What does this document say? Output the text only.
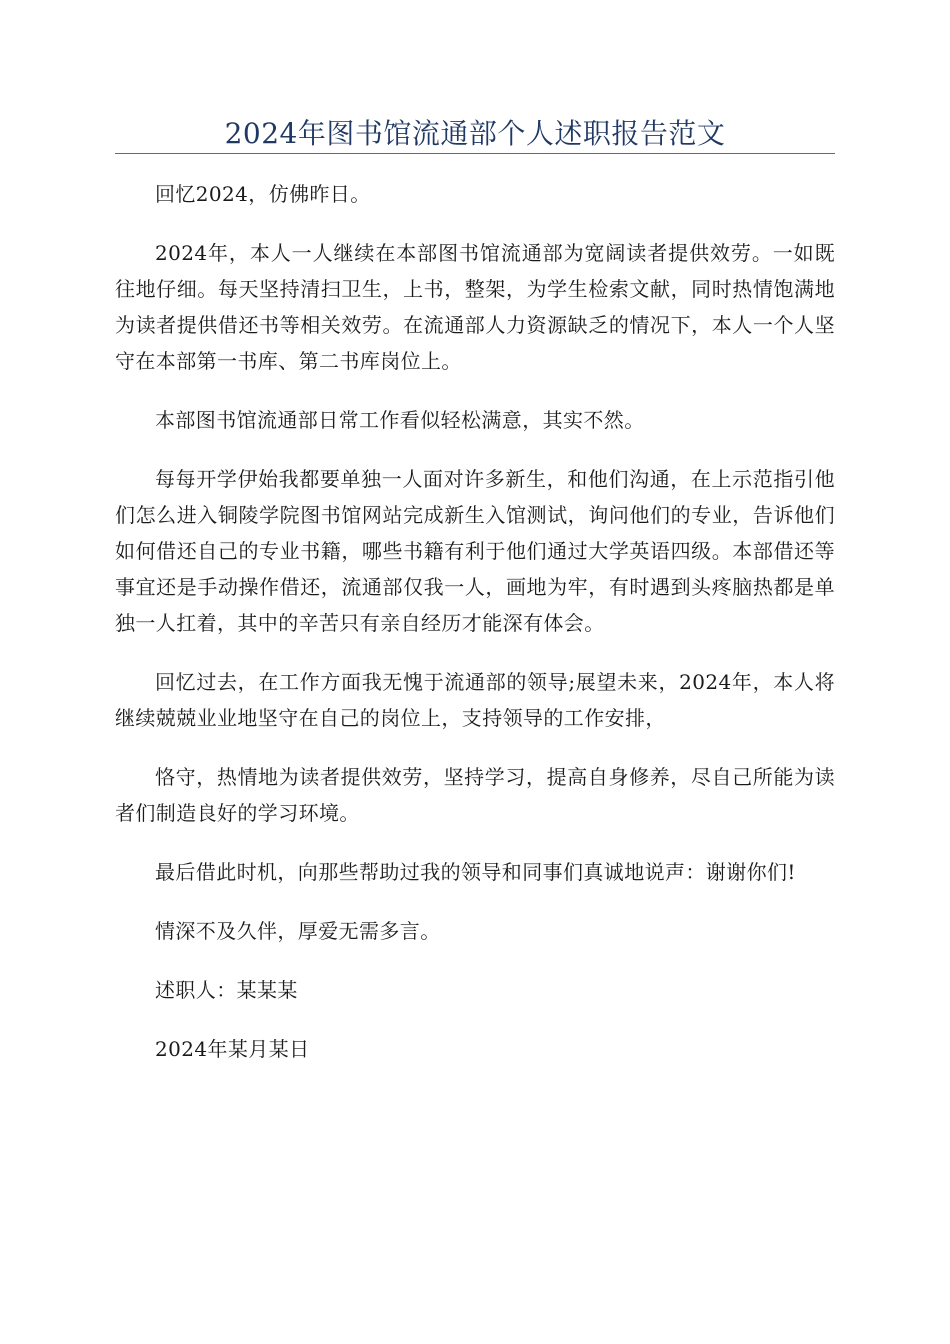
2024年图书馆流通部个人述职报告范文

回忆2024，仿佛昨日。

2024年，本人一人继续在本部图书馆流通部为宽阔读者提供效劳。一如既往地仔细。每天坚持清扫卫生，上书，整架，为学生检索文献，同时热情饱满地为读者提供借还书等相关效劳。在流通部人力资源缺乏的情况下，本人一个人坚守在本部第一书库、第二书库岗位上。

本部图书馆流通部日常工作看似轻松满意，其实不然。

每每开学伊始我都要单独一人面对许多新生，和他们沟通，在上示范指引他们怎么进入铜陵学院图书馆网站完成新生入馆测试，询问他们的专业，告诉他们如何借还自己的专业书籍，哪些书籍有利于他们通过大学英语四级。本部借还等事宜还是手动操作借还，流通部仅我一人，画地为牢，有时遇到头疼脑热都是单独一人扛着，其中的辛苦只有亲自经历才能深有体会。

回忆过去，在工作方面我无愧于流通部的领导;展望未来，2024年，本人将继续兢兢业业地坚守在自己的岗位上，支持领导的工作安排，

恪守，热情地为读者提供效劳，坚持学习，提高自身修养，尽自己所能为读者们制造良好的学习环境。

最后借此时机，向那些帮助过我的领导和同事们真诚地说声：谢谢你们!

情深不及久伴，厚爱无需多言。

述职人：某某某

2024年某月某日
